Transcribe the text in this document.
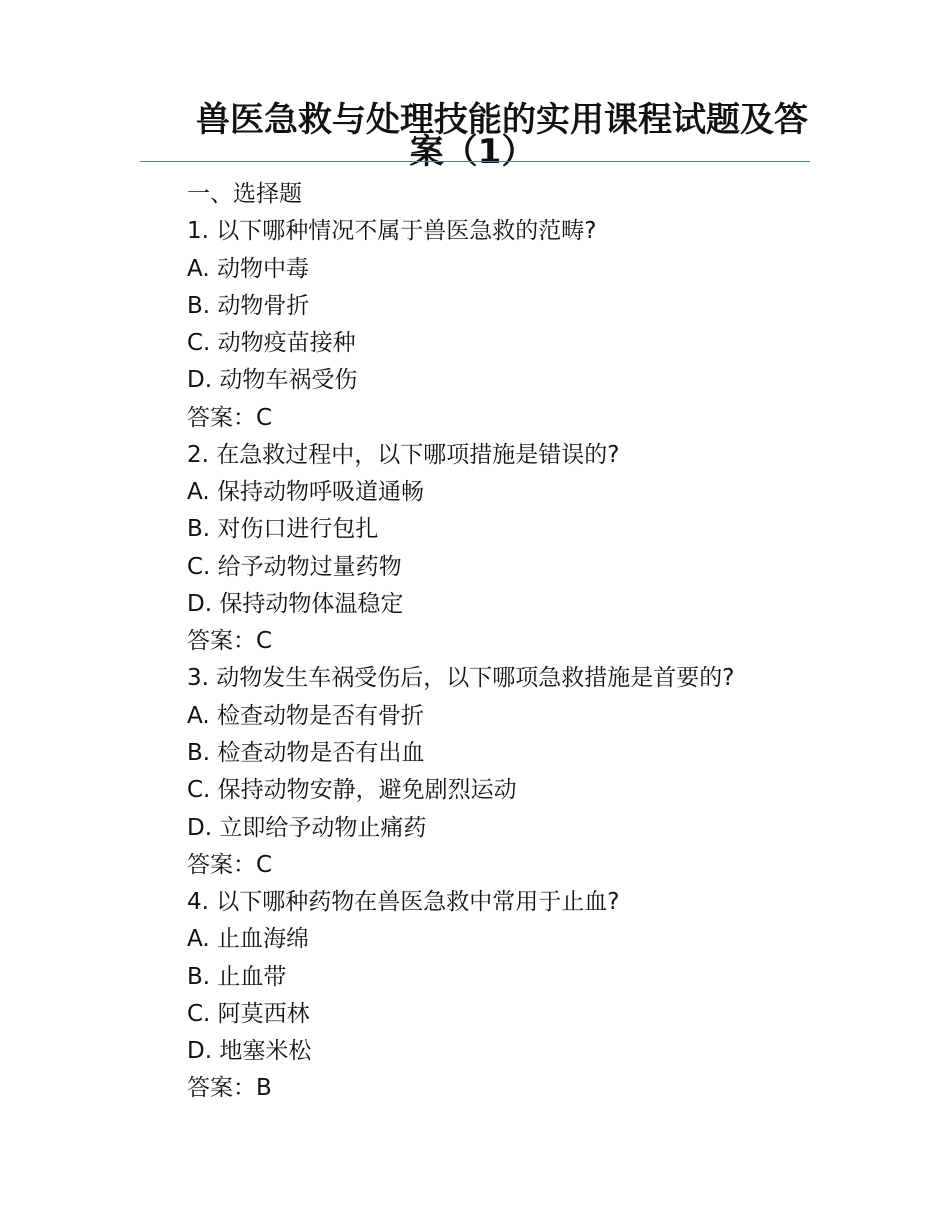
兽医急救与处理技能的实用课程试题及答
案（1）
一、选择题
1. 以下哪种情况不属于兽医急救的范畴?
A. 动物中毒
B. 动物骨折
C. 动物疫苗接种
D. 动物车祸受伤
答案：C
2. 在急救过程中，以下哪项措施是错误的?
A. 保持动物呼吸道通畅
B. 对伤口进行包扎
C. 给予动物过量药物
D. 保持动物体温稳定
答案：C
3. 动物发生车祸受伤后，以下哪项急救措施是首要的?
A. 检查动物是否有骨折
B. 检查动物是否有出血
C. 保持动物安静，避免剧烈运动
D. 立即给予动物止痛药
答案：C
4. 以下哪种药物在兽医急救中常用于止血?
A. 止血海绵
B. 止血带
C. 阿莫西林
D. 地塞米松
答案：B
